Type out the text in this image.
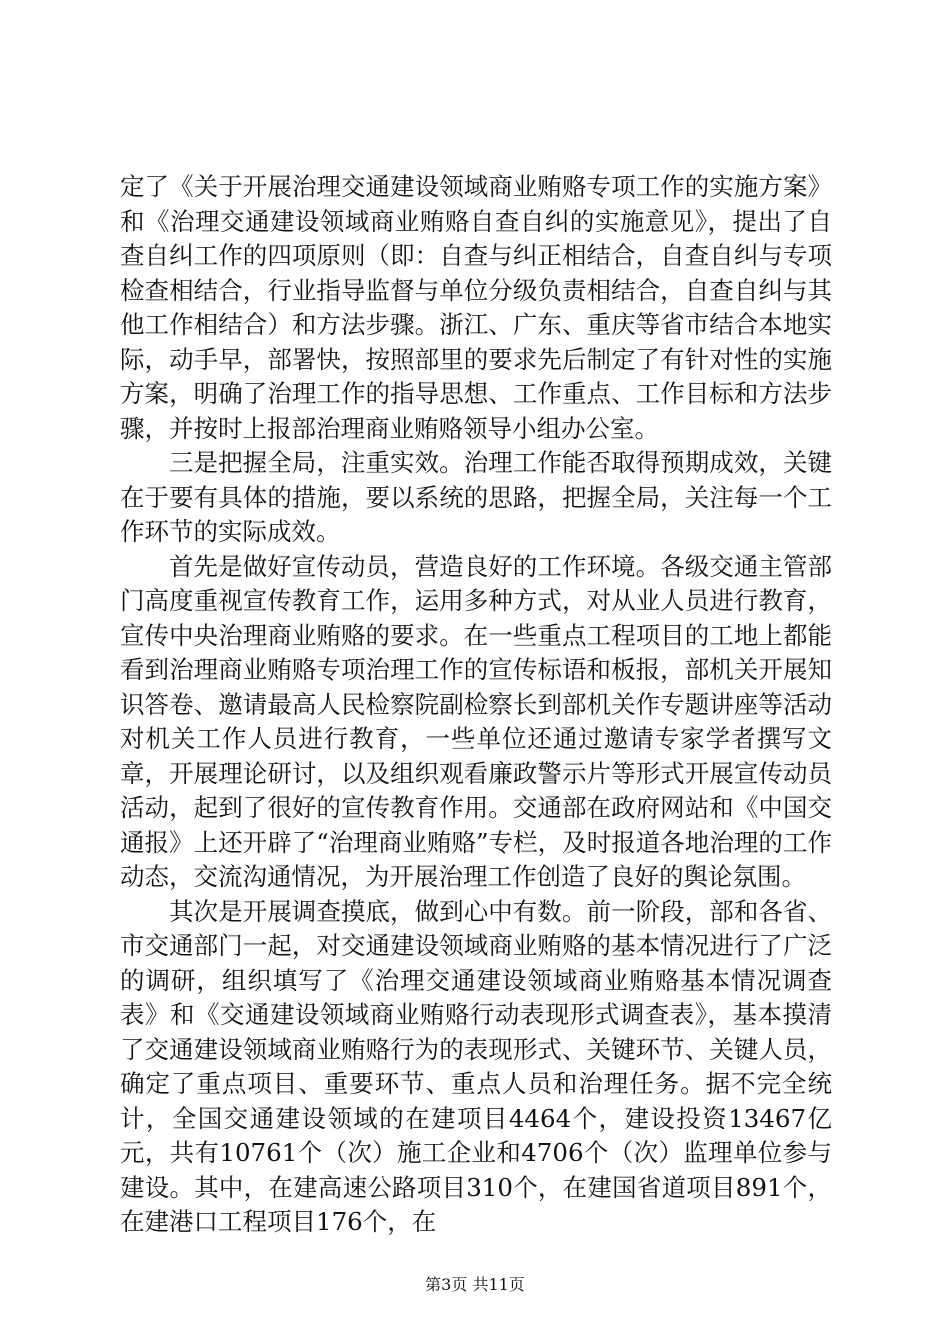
定了《关于开展治理交通建设领域商业贿赂专项工作的实施方案》和《治理交通建设领域商业贿赂自查自纠的实施意见》，提出了自查自纠工作的四项原则（即：自查与纠正相结合，自查自纠与专项检查相结合，行业指导监督与单位分级负责相结合，自查自纠与其他工作相结合）和方法步骤。浙江、广东、重庆等省市结合本地实际，动手早，部署快，按照部里的要求先后制定了有针对性的实施方案，明确了治理工作的指导思想、工作重点、工作目标和方法步骤，并按时上报部治理商业贿赂领导小组办公室。

三是把握全局，注重实效。治理工作能否取得预期成效，关键在于要有具体的措施，要以系统的思路，把握全局，关注每一个工作环节的实际成效。

首先是做好宣传动员，营造良好的工作环境。各级交通主管部门高度重视宣传教育工作，运用多种方式，对从业人员进行教育，宣传中央治理商业贿赂的要求。在一些重点工程项目的工地上都能看到治理商业贿赂专项治理工作的宣传标语和板报，部机关开展知识答卷、邀请最高人民检察院副检察长到部机关作专题讲座等活动对机关工作人员进行教育，一些单位还通过邀请专家学者撰写文章，开展理论研讨，以及组织观看廉政警示片等形式开展宣传动员活动，起到了很好的宣传教育作用。交通部在政府网站和《中国交通报》上还开辟了“治理商业贿赂”专栏，及时报道各地治理的工作动态，交流沟通情况，为开展治理工作创造了良好的舆论氛围。

其次是开展调查摸底，做到心中有数。前一阶段，部和各省、市交通部门一起，对交通建设领域商业贿赂的基本情况进行了广泛的调研，组织填写了《治理交通建设领域商业贿赂基本情况调查表》和《交通建设领域商业贿赂行动表现形式调查表》，基本摸清了交通建设领域商业贿赂行为的表现形式、关键环节、关键人员，确定了重点项目、重要环节、重点人员和治理任务。据不完全统计，全国交通建设领域的在建项目4464个，建设投资13467亿元，共有10761个（次）施工企业和4706个（次）监理单位参与建设。其中，在建高速公路项目310个，在建国省道项目891个，在建港口工程项目176个，在

第3页 共11页
